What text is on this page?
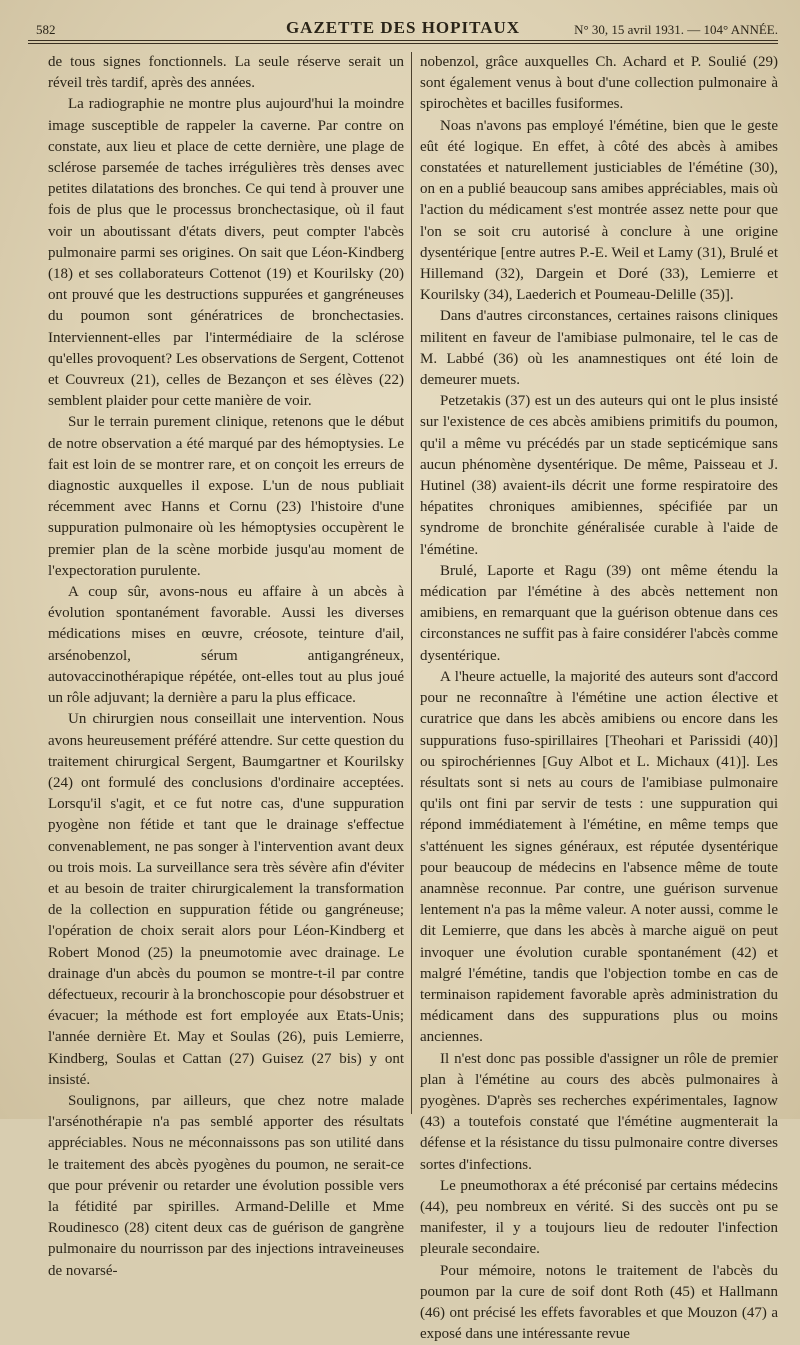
582	GAZETTE DES HOPITAUX	N° 30, 15 avril 1931. — 104° ANNÉE.

de tous signes fonctionnels. La seule réserve serait un réveil très tardif, après des années.

La radiographie ne montre plus aujourd'hui la moindre image susceptible de rappeler la caverne. Par contre on constate, aux lieu et place de cette dernière, une plage de sclérose parsemée de taches irrégulières très denses avec petites dilatations des bronches. Ce qui tend à prouver une fois de plus que le processus bronchectasique, où il faut voir un aboutissant d'états divers, peut compter l'abcès pulmonaire parmi ses origines. On sait que Léon-Kindberg (18) et ses collaborateurs Cottenot (19) et Kourilsky (20) ont prouvé que les destructions suppurées et gangréneuses du poumon sont génératrices de bronchectasies. Interviennent-elles par l'intermédiaire de la sclérose qu'elles provoquent? Les observations de Sergent, Cottenot et Couvreux (21), celles de Bezançon et ses élèves (22) semblent plaider pour cette manière de voir.

Sur le terrain purement clinique, retenons que le début de notre observation a été marqué par des hémoptysies. Le fait est loin de se montrer rare, et on conçoit les erreurs de diagnostic auxquelles il expose. L'un de nous publiait récemment avec Hanns et Cornu (23) l'histoire d'une suppuration pulmonaire où les hémoptysies occupèrent le premier plan de la scène morbide jusqu'au moment de l'expectoration purulente.

A coup sûr, avons-nous eu affaire à un abcès à évolution spontanément favorable. Aussi les diverses médications mises en œuvre, créosote, teinture d'ail, arsénobenzol, sérum antigangréneux, autovaccinothérapique répétée, ont-elles tout au plus joué un rôle adjuvant; la dernière a paru la plus efficace.

Un chirurgien nous conseillait une intervention. Nous avons heureusement préféré attendre. Sur cette question du traitement chirurgical Sergent, Baumgartner et Kourilsky (24) ont formulé des conclusions d'ordinaire acceptées. Lorsqu'il s'agit, et ce fut notre cas, d'une suppuration pyogène non fétide et tant que le drainage s'effectue convenablement, ne pas songer à l'intervention avant deux ou trois mois. La surveillance sera très sévère afin d'éviter et au besoin de traiter chirurgicalement la transformation de la collection en suppuration fétide ou gangréneuse; l'opération de choix serait alors pour Léon-Kindberg et Robert Monod (25) la pneumotomie avec drainage. Le drainage d'un abcès du poumon se montre-t-il par contre défectueux, recourir à la bronchoscopie pour désobstruer et évacuer; la méthode est fort employée aux Etats-Unis; l'année dernière Et. May et Soulas (26), puis Lemierre, Kindberg, Soulas et Cattan (27) Guisez (27 bis) y ont insisté.

Soulignons, par ailleurs, que chez notre malade l'arsénothérapie n'a pas semblé apporter des résultats appréciables. Nous ne méconnaissons pas son utilité dans le traitement des abcès pyogènes du poumon, ne serait-ce que pour prévenir ou retarder une évolution possible vers la fétidité par spirilles. Armand-Delille et Mme Roudinesco (28) citent deux cas de guérison de gangrène pulmonaire du nourrisson par des injections intraveineuses de novarsé-

nobenzol, grâce auxquelles Ch. Achard et P. Soulié (29) sont également venus à bout d'une collection pulmonaire à spirochètes et bacilles fusiformes.

Noas n'avons pas employé l'émétine, bien que le geste eût été logique. En effet, à côté des abcès à amibes constatées et naturellement justiciables de l'émétine (30), on en a publié beaucoup sans amibes appréciables, mais où l'action du médicament s'est montrée assez nette pour que l'on se soit cru autorisé à conclure à une origine dysentérique [entre autres P.-E. Weil et Lamy (31), Brulé et Hillemand (32), Dargein et Doré (33), Lemierre et Kourilsky (34), Laederich et Poumeau-Delille (35)].

Dans d'autres circonstances, certaines raisons cliniques militent en faveur de l'amibiase pulmonaire, tel le cas de M. Labbé (36) où les anamnestiques ont été loin de demeurer muets.

Petzetakis (37) est un des auteurs qui ont le plus insisté sur l'existence de ces abcès amibiens primitifs du poumon, qu'il a même vu précédés par un stade septicémique sans aucun phénomène dysentérique. De même, Paisseau et J. Hutinel (38) avaient-ils décrit une forme respiratoire des hépatites chroniques amibiennes, spécifiée par un syndrome de bronchite généralisée curable à l'aide de l'émétine.

Brulé, Laporte et Ragu (39) ont même étendu la médication par l'émétine à des abcès nettement non amibiens, en remarquant que la guérison obtenue dans ces circonstances ne suffit pas à faire considérer l'abcès comme dysentérique.

A l'heure actuelle, la majorité des auteurs sont d'accord pour ne reconnaître à l'émétine une action élective et curatrice que dans les abcès amibiens ou encore dans les suppurations fuso-spirillaires [Theohari et Parissidi (40)] ou spirochériennes [Guy Albot et L. Michaux (41)]. Les résultats sont si nets au cours de l'amibiase pulmonaire qu'ils ont fini par servir de tests : une suppuration qui répond immédiatement à l'émétine, en même temps que s'atténuent les signes généraux, est réputée dysentérique pour beaucoup de médecins en l'absence même de toute anamnèse reconnue. Par contre, une guérison survenue lentement n'a pas la même valeur. A noter aussi, comme le dit Lemierre, que dans les abcès à marche aiguë on peut invoquer une évolution curable spontanément (42) et malgré l'émétine, tandis que l'objection tombe en cas de terminaison rapidement favorable après administration du médicament dans des suppurations plus ou moins anciennes.

Il n'est donc pas possible d'assigner un rôle de premier plan à l'émétine au cours des abcès pulmonaires à pyogènes. D'après ses recherches expérimentales, Iagnow (43) a toutefois constaté que l'émétine augmenterait la défense et la résistance du tissu pulmonaire contre diverses sortes d'infections.

Le pneumothorax a été préconisé par certains médecins (44), peu nombreux en vérité. Si des succès ont pu se manifester, il y a toujours lieu de redouter l'infection pleurale secondaire.

Pour mémoire, notons le traitement de l'abcès du poumon par la cure de soif dont Roth (45) et Hallmann (46) ont précisé les effets favorables et que Mouzon (47) a exposé dans une intéressante revue
